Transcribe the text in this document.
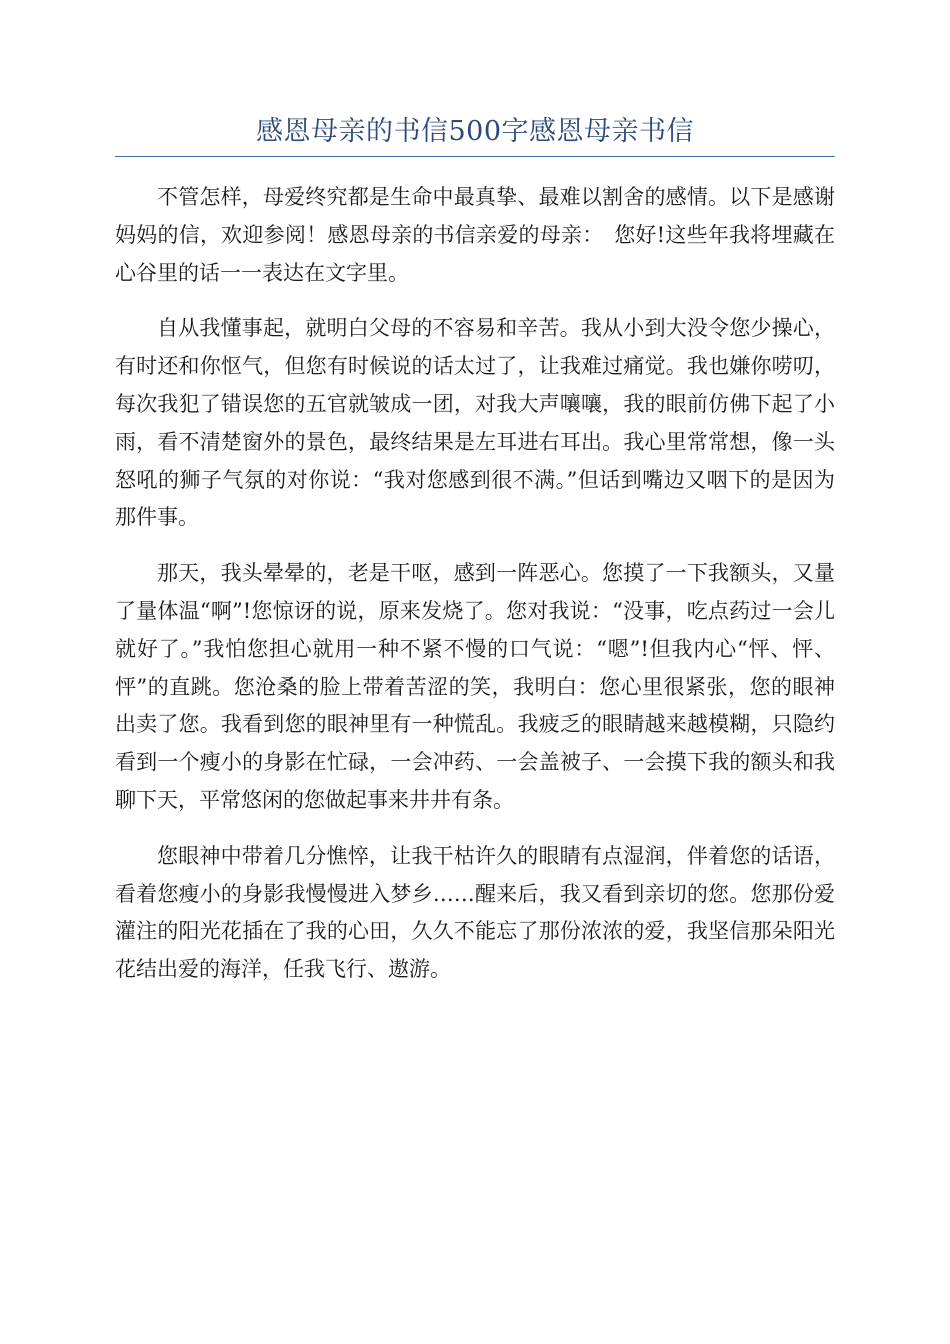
感恩母亲的书信500字感恩母亲书信

不管怎样，母爱终究都是生命中最真挚、最难以割舍的感情。以下是感谢妈妈的信，欢迎参阅！感恩母亲的书信亲爱的母亲：　您好!这些年我将埋藏在心谷里的话一一表达在文字里。

自从我懂事起，就明白父母的不容易和辛苦。我从小到大没令您少操心，有时还和你怄气，但您有时候说的话太过了，让我难过痛觉。我也嫌你唠叨，每次我犯了错误您的五官就皱成一团，对我大声嚷嚷，我的眼前仿佛下起了小雨，看不清楚窗外的景色，最终结果是左耳进右耳出。我心里常常想，像一头怒吼的狮子气氛的对你说：“我对您感到很不满。”但话到嘴边又咽下的是因为那件事。

那天，我头晕晕的，老是干呕，感到一阵恶心。您摸了一下我额头，又量了量体温“啊”!您惊讶的说，原来发烧了。您对我说：“没事，吃点药过一会儿就好了。”我怕您担心就用一种不紧不慢的口气说：“嗯”!但我内心“怦、怦、怦”的直跳。您沧桑的脸上带着苦涩的笑，我明白：您心里很紧张，您的眼神出卖了您。我看到您的眼神里有一种慌乱。我疲乏的眼睛越来越模糊，只隐约看到一个瘦小的身影在忙碌，一会冲药、一会盖被子、一会摸下我的额头和我聊下天，平常悠闲的您做起事来井井有条。

您眼神中带着几分憔悴，让我干枯许久的眼睛有点湿润，伴着您的话语，看着您瘦小的身影我慢慢进入梦乡……醒来后，我又看到亲切的您。您那份爱灌注的阳光花插在了我的心田，久久不能忘了那份浓浓的爱，我坚信那朵阳光花结出爱的海洋，任我飞行、遨游。
